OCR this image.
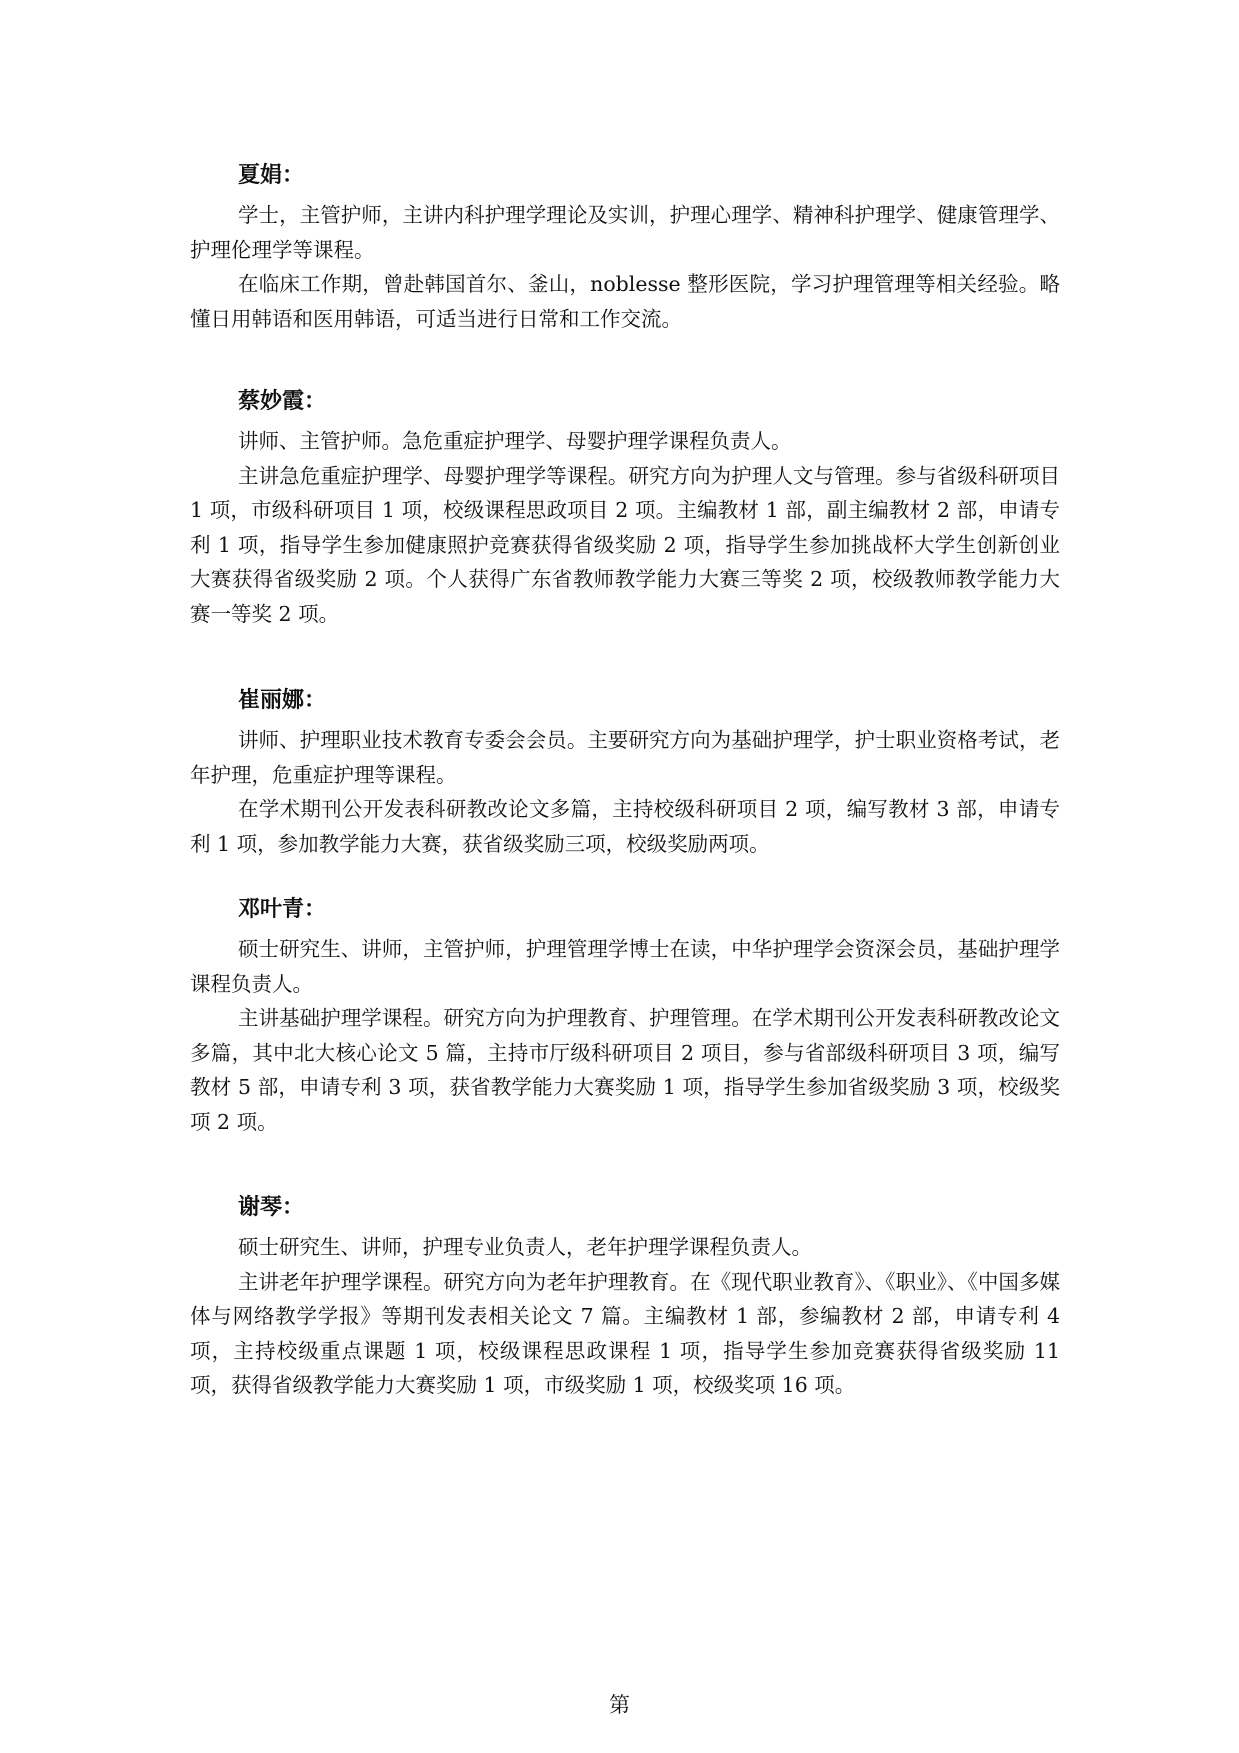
夏娟：

学士，主管护师，主讲内科护理学理论及实训，护理心理学、精神科护理学、健康管理学、护理伦理学等课程。

在临床工作期，曾赴韩国首尔、釜山，noblesse 整形医院，学习护理管理等相关经验。略懂日用韩语和医用韩语，可适当进行日常和工作交流。

蔡妙霞：

讲师、主管护师。急危重症护理学、母婴护理学课程负责人。

主讲急危重症护理学、母婴护理学等课程。研究方向为护理人文与管理。参与省级科研项目 1 项，市级科研项目 1 项，校级课程思政项目 2 项。主编教材 1 部，副主编教材 2 部，申请专利 1 项，指导学生参加健康照护竞赛获得省级奖励 2 项，指导学生参加挑战杯大学生创新创业大赛获得省级奖励 2 项。个人获得广东省教师教学能力大赛三等奖 2 项，校级教师教学能力大赛一等奖 2 项。

崔丽娜：

讲师、护理职业技术教育专委会会员。主要研究方向为基础护理学，护士职业资格考试，老年护理，危重症护理等课程。

在学术期刊公开发表科研教改论文多篇，主持校级科研项目 2 项，编写教材 3 部，申请专利 1 项，参加教学能力大赛，获省级奖励三项，校级奖励两项。

邓叶青：

硕士研究生、讲师，主管护师，护理管理学博士在读，中华护理学会资深会员，基础护理学课程负责人。

主讲基础护理学课程。研究方向为护理教育、护理管理。在学术期刊公开发表科研教改论文多篇，其中北大核心论文 5 篇，主持市厅级科研项目 2 项目，参与省部级科研项目 3 项，编写教材 5 部，申请专利 3 项，获省教学能力大赛奖励 1 项，指导学生参加省级奖励 3 项，校级奖项 2 项。

谢琴：

硕士研究生、讲师，护理专业负责人，老年护理学课程负责人。

主讲老年护理学课程。研究方向为老年护理教育。在《现代职业教育》、《职业》、《中国多媒体与网络教学学报》等期刊发表相关论文 7 篇。主编教材 1 部，参编教材 2 部，申请专利 4 项，主持校级重点课题 1 项，校级课程思政课程 1 项，指导学生参加竞赛获得省级奖励 11 项，获得省级教学能力大赛奖励 1 项，市级奖励 1 项，校级奖项 16 项。

第
